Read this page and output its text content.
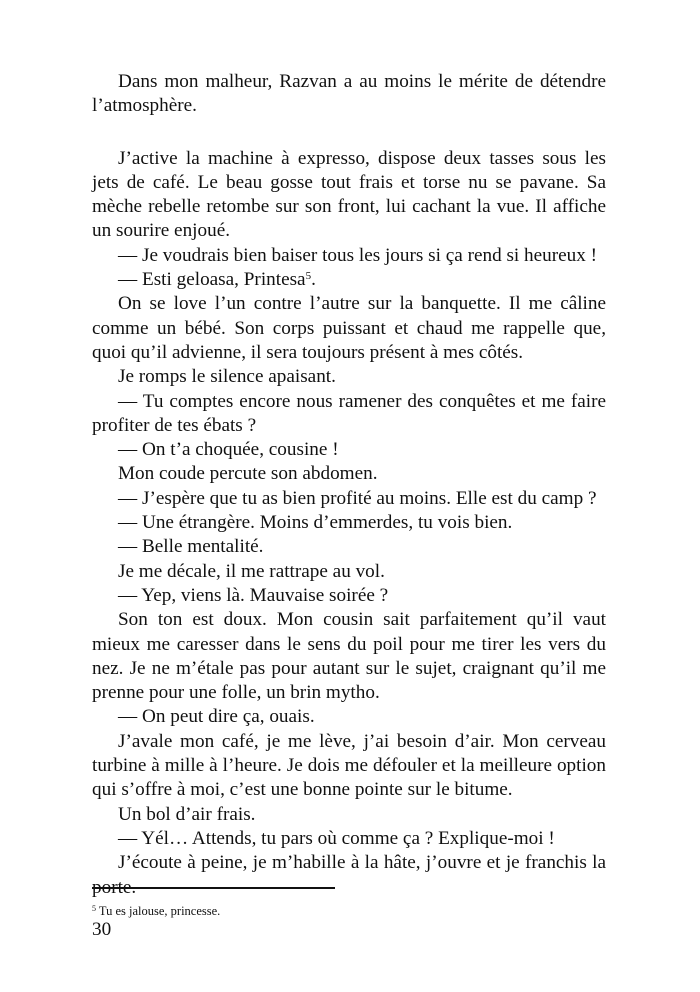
Dans mon malheur, Razvan a au moins le mérite de détendre l’atmosphère.

J’active la machine à expresso, dispose deux tasses sous les jets de café. Le beau gosse tout frais et torse nu se pavane. Sa mèche rebelle retombe sur son front, lui cachant la vue. Il affiche un sourire enjoué.

— Je voudrais bien baiser tous les jours si ça rend si heureux !

— Esti geloasa, Printesa$^5$.

On se love l’un contre l’autre sur la banquette. Il me câline comme un bébé. Son corps puissant et chaud me rappelle que, quoi qu’il advienne, il sera toujours présent à mes côtés.

Je romps le silence apaisant.

— Tu comptes encore nous ramener des conquêtes et me faire profiter de tes ébats ?

— On t’a choquée, cousine !

Mon coude percute son abdomen.

— J’espère que tu as bien profité au moins. Elle est du camp ?

— Une étrangère. Moins d’emmerdes, tu vois bien.

— Belle mentalité.

Je me décale, il me rattrape au vol.

— Yep, viens là. Mauvaise soirée ?

Son ton est doux. Mon cousin sait parfaitement qu’il vaut mieux me caresser dans le sens du poil pour me tirer les vers du nez. Je ne m’étale pas pour autant sur le sujet, craignant qu’il me prenne pour une folle, un brin mytho.

— On peut dire ça, ouais.

J’avale mon café, je me lève, j’ai besoin d’air. Mon cerveau turbine à mille à l’heure. Je dois me défouler et la meilleure option qui s’offre à moi, c’est une bonne pointe sur le bitume.

Un bol d’air frais.

— Yél… Attends, tu pars où comme ça ? Explique-moi !

J’écoute à peine, je m’habille à la hâte, j’ouvre et je franchis la porte.

$^5$ Tu es jalouse, princesse.
30
